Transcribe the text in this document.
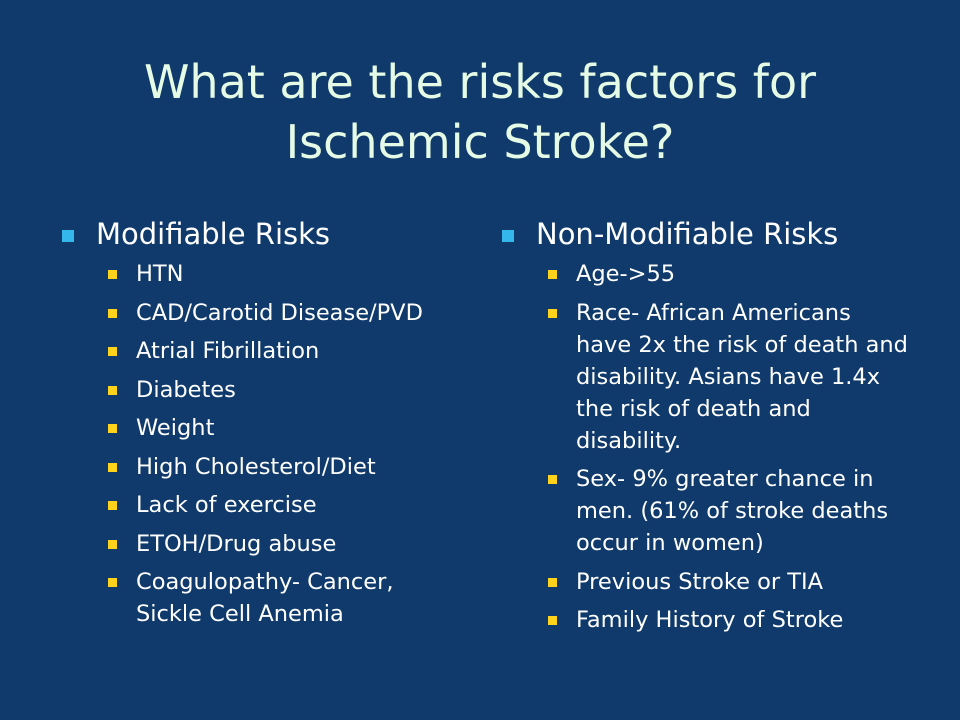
What are the risks factors for Ischemic Stroke?
Modifiable Risks
HTN
CAD/Carotid Disease/PVD
Atrial Fibrillation
Diabetes
Weight
High Cholesterol/Diet
Lack of exercise
ETOH/Drug abuse
Coagulopathy- Cancer, Sickle Cell Anemia
Non-Modifiable Risks
Age->55
Race- African Americans have 2x the risk of death and disability. Asians have 1.4x the risk of death and disability.
Sex- 9% greater chance in men. (61% of stroke deaths occur in women)
Previous Stroke or TIA
Family History of Stroke
